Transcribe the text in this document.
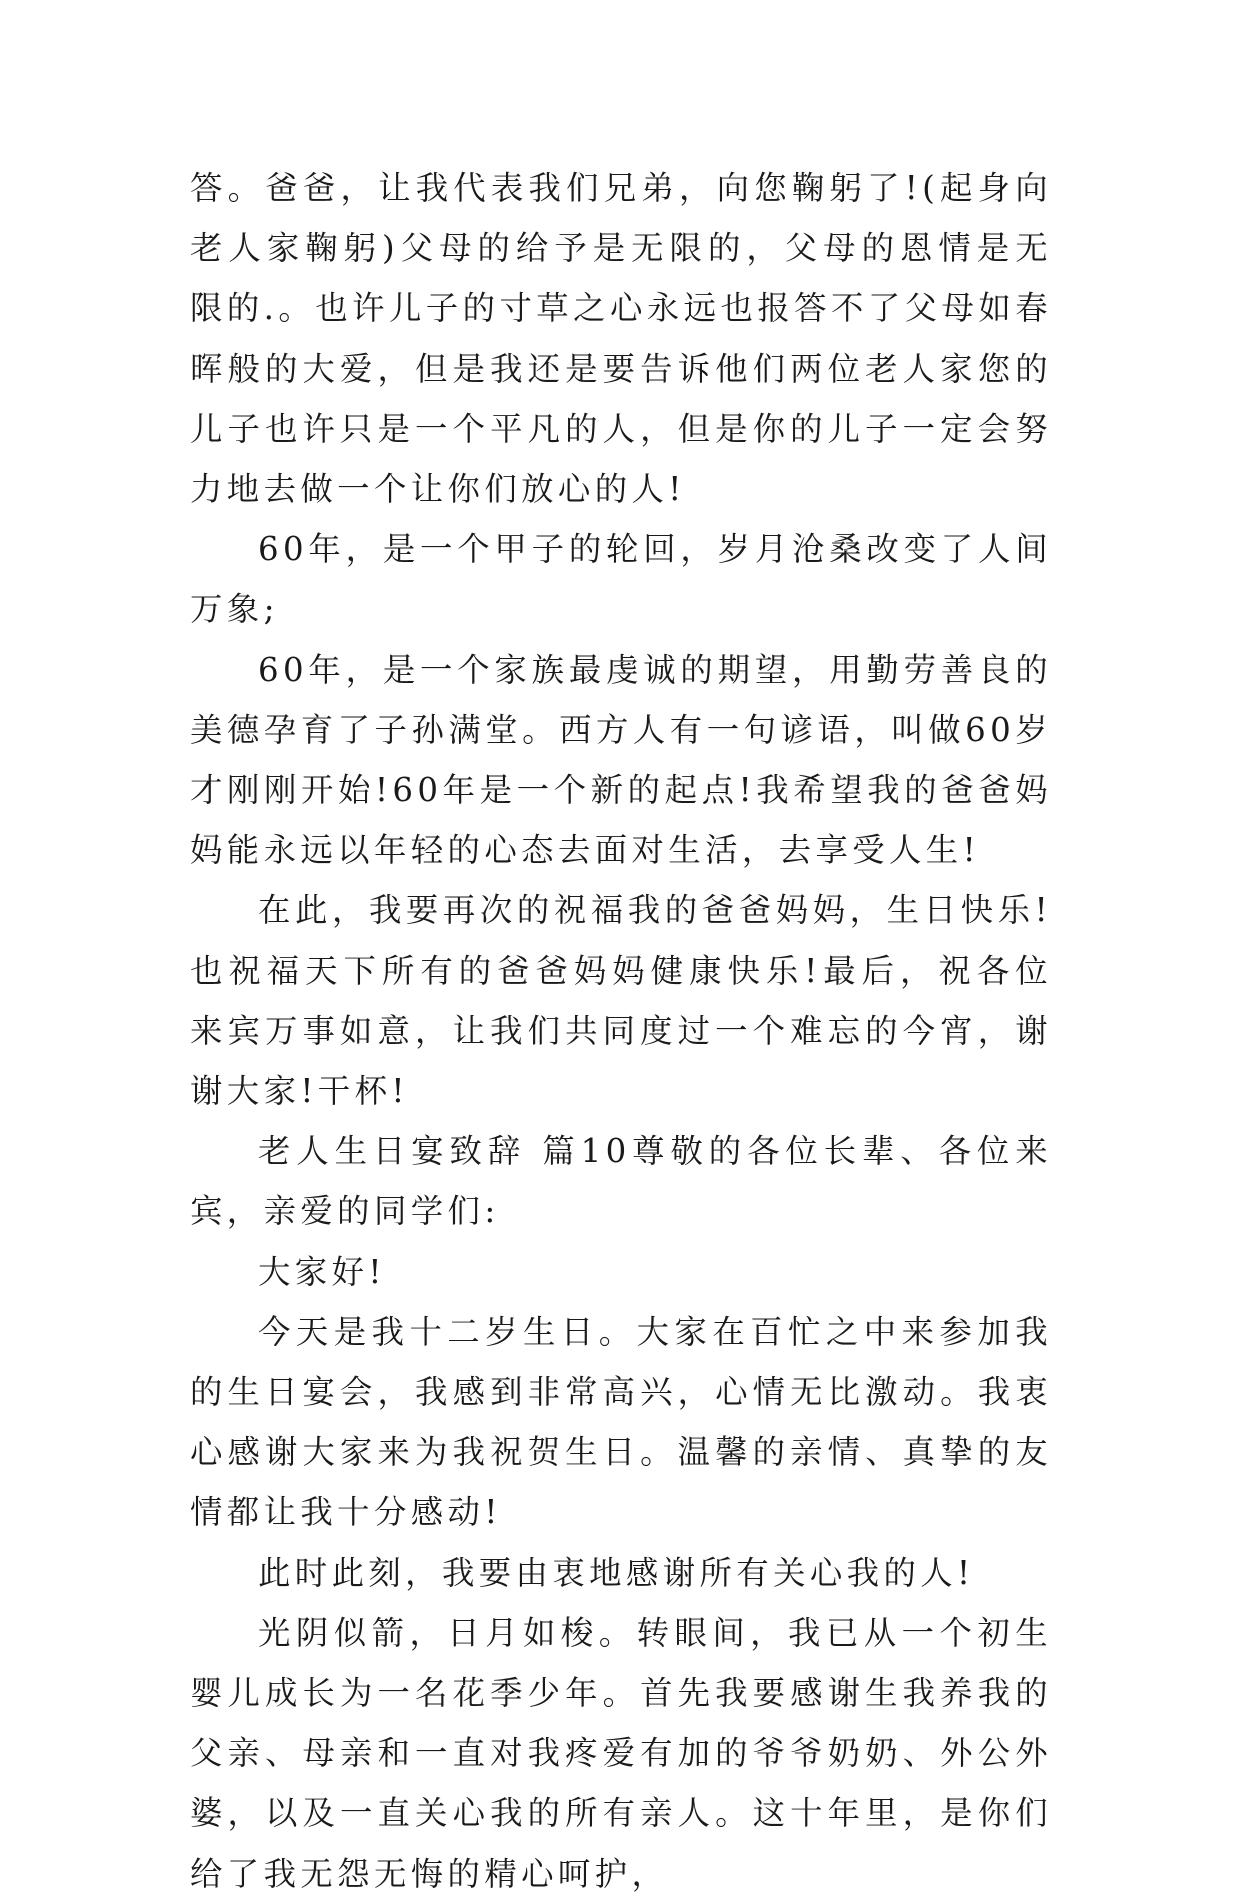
答。爸爸，让我代表我们兄弟，向您鞠躬了!(起身向老人家鞠躬)父母的给予是无限的，父母的恩情是无限的.。也许儿子的寸草之心永远也报答不了父母如春晖般的大爱，但是我还是要告诉他们两位老人家您的儿子也许只是一个平凡的人，但是你的儿子一定会努力地去做一个让你们放心的人!

60年，是一个甲子的轮回，岁月沧桑改变了人间万象;

60年，是一个家族最虔诚的期望，用勤劳善良的美德孕育了子孙满堂。西方人有一句谚语，叫做60岁才刚刚开始!60年是一个新的起点!我希望我的爸爸妈妈能永远以年轻的心态去面对生活，去享受人生!

在此，我要再次的祝福我的爸爸妈妈，生日快乐!也祝福天下所有的爸爸妈妈健康快乐!最后，祝各位来宾万事如意，让我们共同度过一个难忘的今宵，谢谢大家!干杯!

老人生日宴致辞 篇10尊敬的各位长辈、各位来宾，亲爱的同学们:

大家好!

今天是我十二岁生日。大家在百忙之中来参加我的生日宴会，我感到非常高兴，心情无比激动。我衷心感谢大家来为我祝贺生日。温馨的亲情、真挚的友情都让我十分感动!

此时此刻，我要由衷地感谢所有关心我的人!

光阴似箭，日月如梭。转眼间，我已从一个初生婴儿成长为一名花季少年。首先我要感谢生我养我的父亲、母亲和一直对我疼爱有加的爷爷奶奶、外公外婆，以及一直关心我的所有亲人。这十年里，是你们给了我无怨无悔的精心呵护，
